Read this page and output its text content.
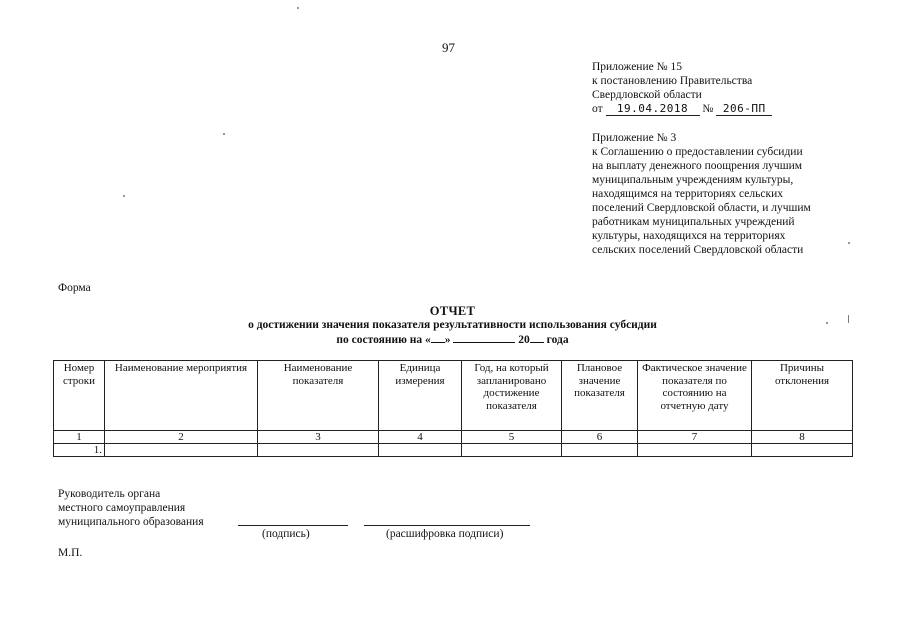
97
Приложение № 15
к постановлению Правительства
Свердловской области
от 19.04.2018 № 206-ПП
Приложение № 3
к Соглашению о предоставлении субсидии
на выплату денежного поощрения лучшим
муниципальным учреждениям культуры,
находящимся на территориях сельских
поселений Свердловской области, и лучшим
работникам муниципальных учреждений
культуры, находящихся на территориях
сельских поселений Свердловской области
Форма
ОТЧЕТ
о достижении значения показателя результативности использования субсидии
по состоянию на « »	20 года
Номер строки	Наименование мероприятия	Наименование показателя	Единица измерения	Год, на который запланировано достижение показателя	Плановое значение показателя	Фактическое значение показателя по состоянию на отчетную дату	Причины отклонения
1	2	3	4	5	6	7	8
1.							
Руководитель органа
местного самоуправления
муниципального образования
(подпись)	(расшифровка подписи)
М.П.
